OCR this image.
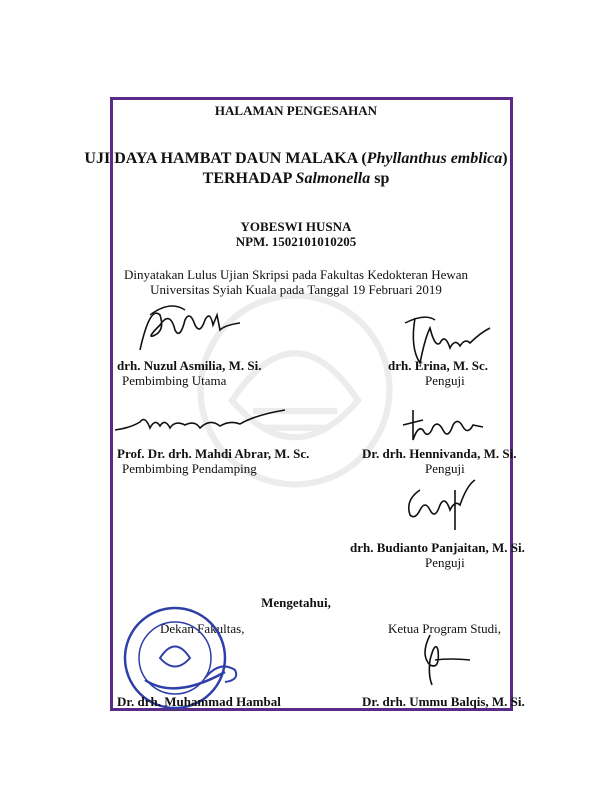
HALAMAN PENGESAHAN
UJI DAYA HAMBAT DAUN MALAKA (Phyllanthus emblica)
TERHADAP Salmonella sp
YOBESWI HUSNA
NPM. 1502101010205
Dinyatakan Lulus Ujian Skripsi pada Fakultas Kedokteran Hewan
Universitas Syiah Kuala pada Tanggal 19 Februari 2019
drh. Nuzul Asmilia, M. Si.
Pembimbing Utama
drh. Erina, M. Sc.
Penguji
Prof. Dr. drh. Mahdi Abrar, M. Sc.
Pembimbing Pendamping
Dr. drh. Hennivanda, M. Si.
Penguji
drh. Budianto Panjaitan, M. Si.
Penguji
Mengetahui,
Dekan Fakultas,	Ketua Program Studi,
Dr. drh. Muhammad Hambal	Dr. drh. Ummu Balqis, M. Si.
